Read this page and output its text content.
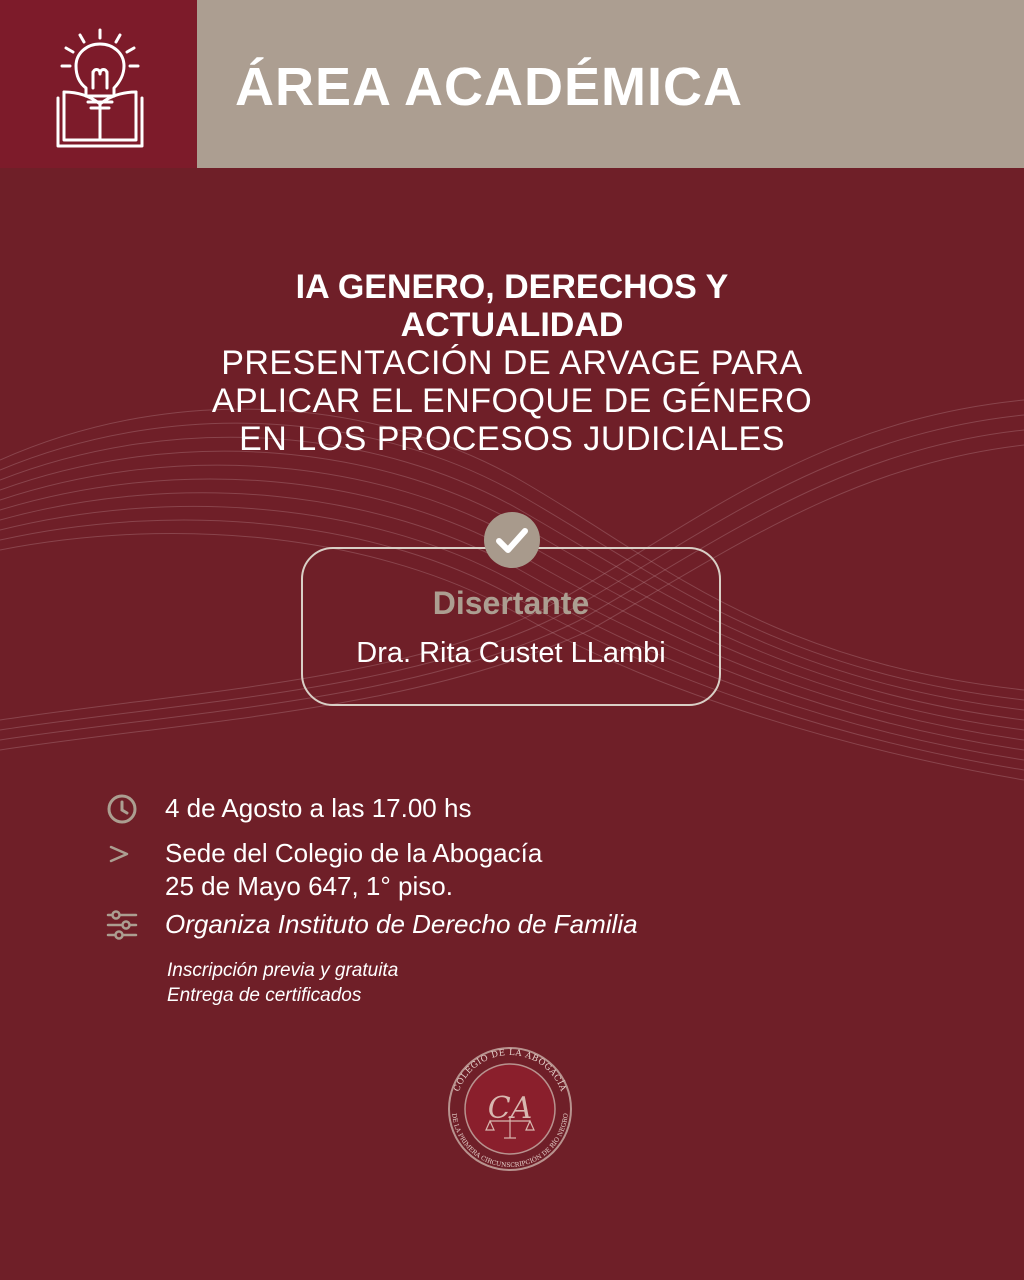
ÁREA ACADÉMICA
IA GENERO, DERECHOS Y
ACTUALIDAD
PRESENTACIÓN DE ARVAGE PARA
APLICAR EL ENFOQUE DE GÉNERO
EN LOS PROCESOS JUDICIALES
Disertante
Dra. Rita Custet LLambi
4 de Agosto a las 17.00 hs
Sede del Colegio de la Abogacía
25 de Mayo 647, 1° piso.
Organiza Instituto de Derecho de Familia
Inscripción previa y gratuita
Entrega de certificados
COLEGIO DE LA ABOGACÍA
DE LA PRIMERA CIRCUNSCRIPCIÓN DE RÍO NEGRO
CA
